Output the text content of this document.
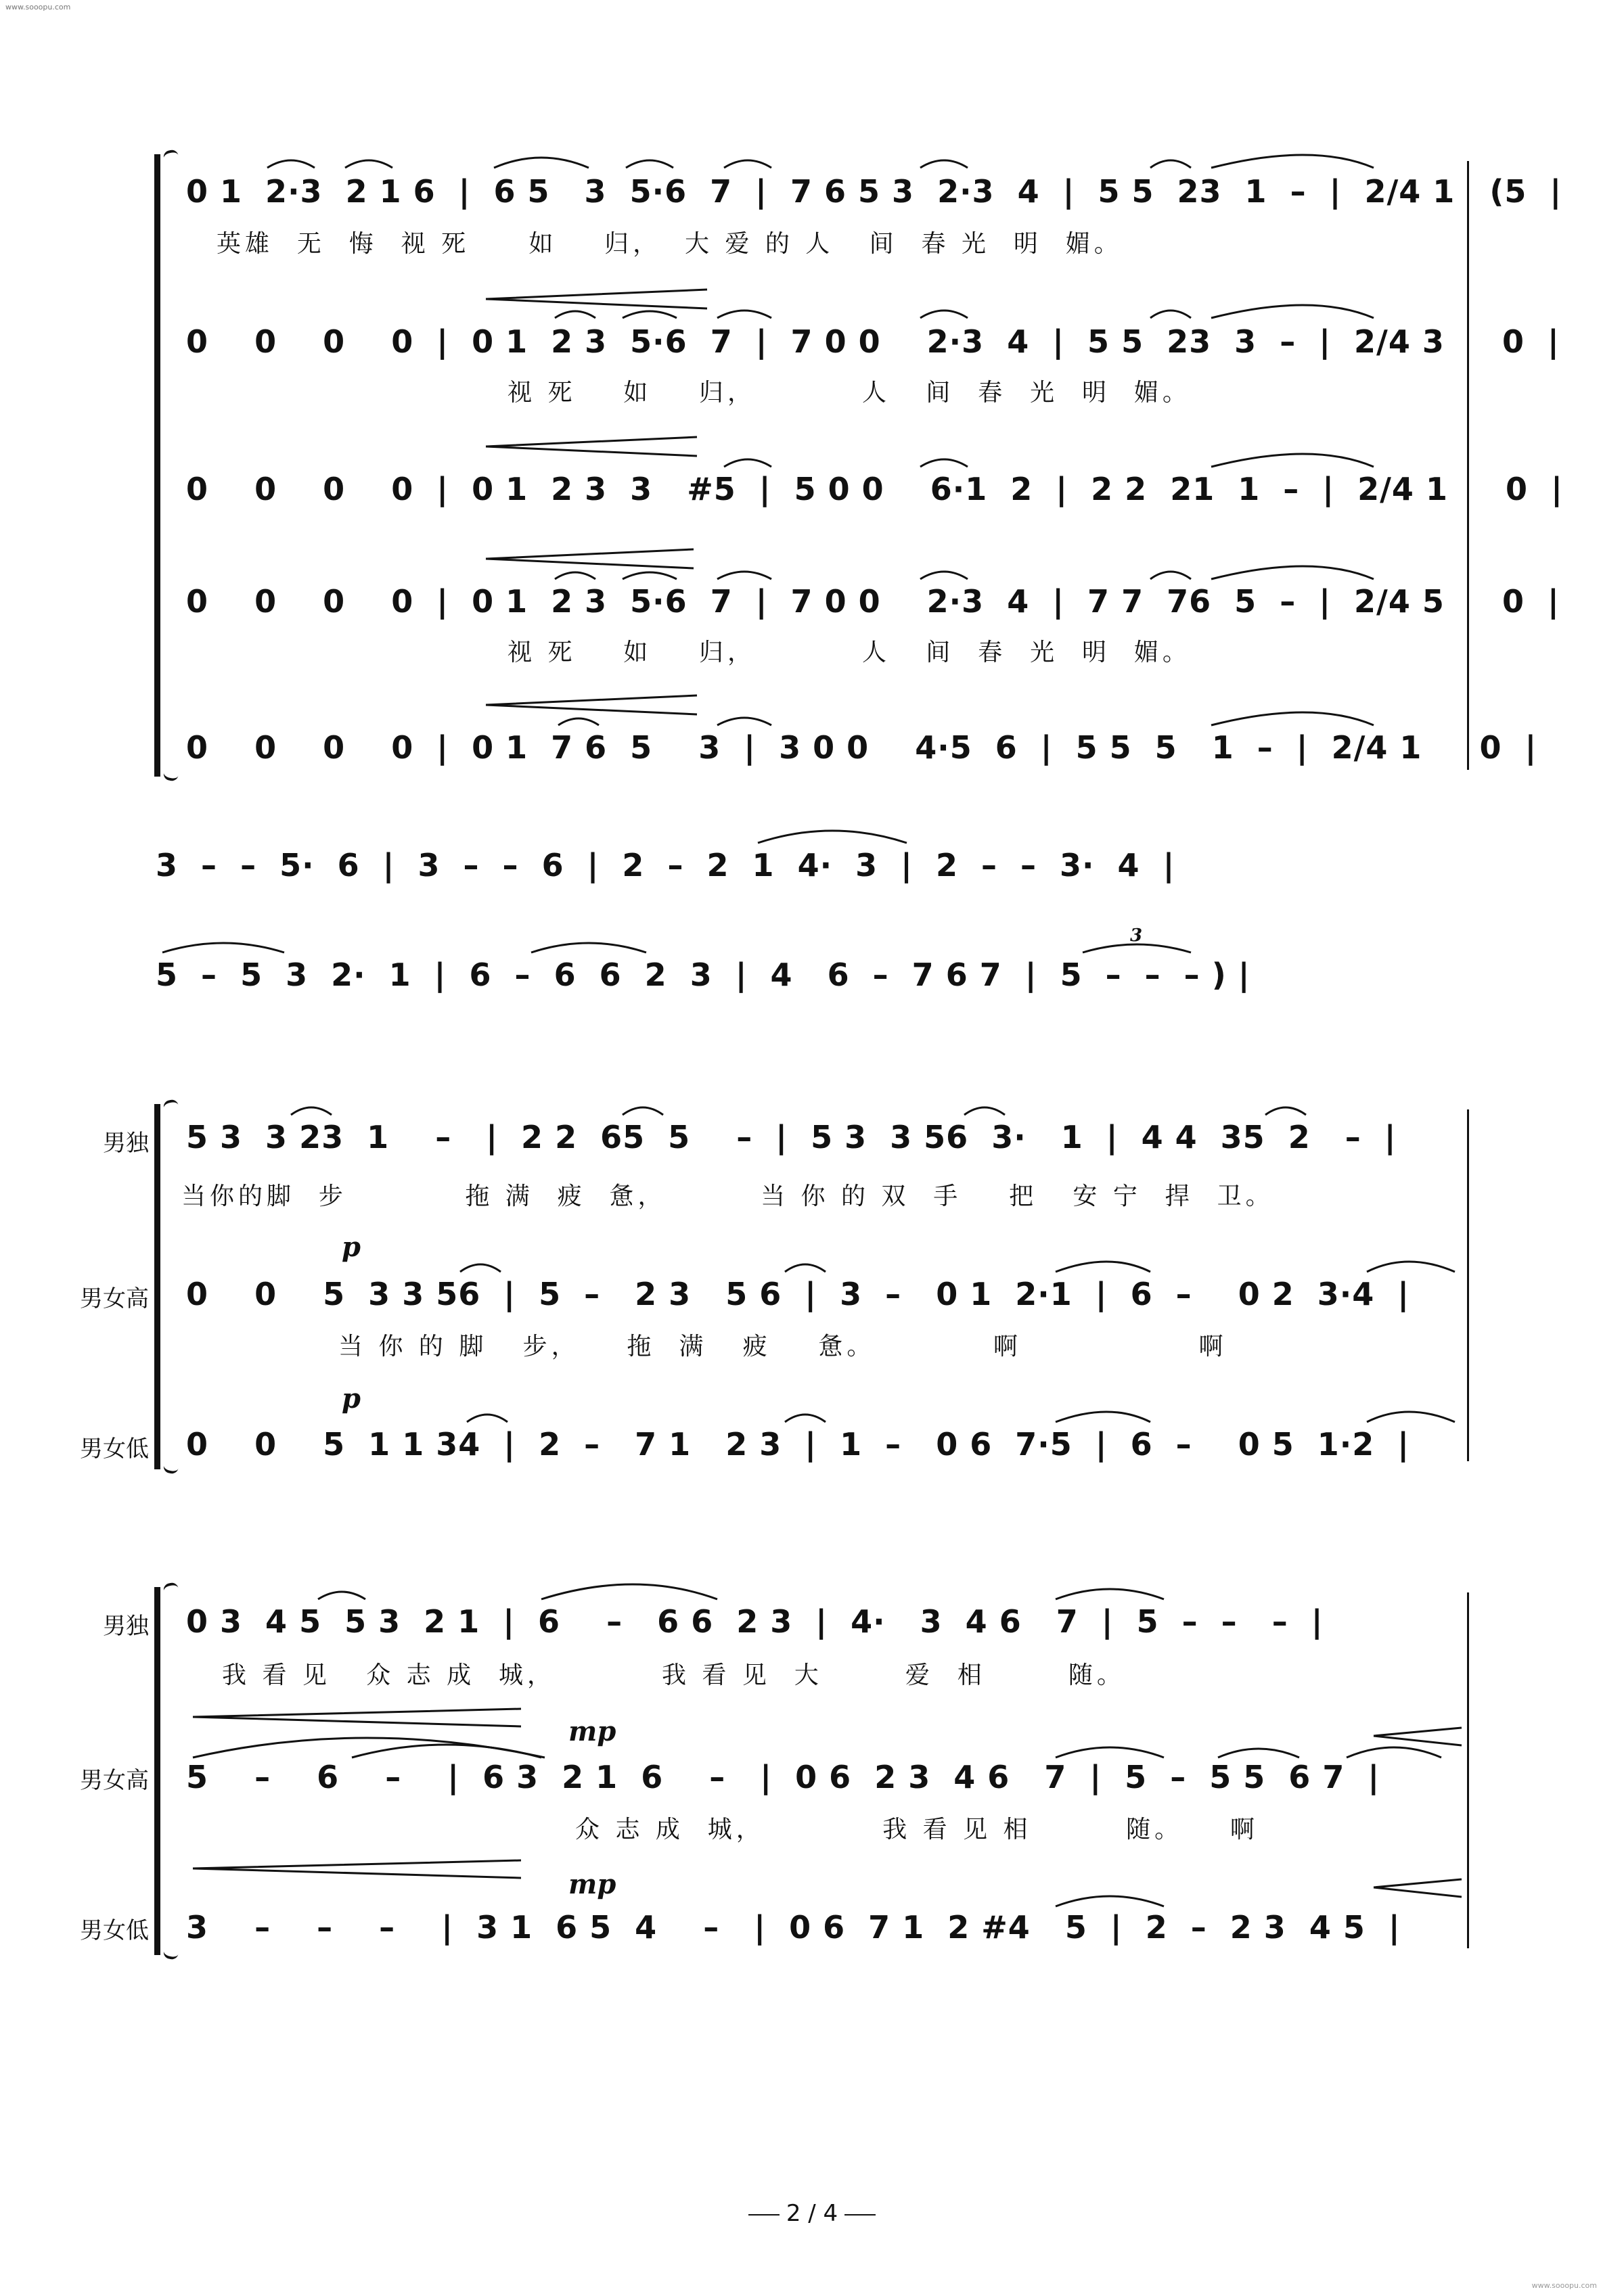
www.sooopu.com
0 1  2·3  2 1 6  |  6 5   3  5·6  7  |  7 6 5 3  2·3  4  |  5 5  23  1  –  |  2/4 1   (5  |
英雄  无  悔  视 死     如    归，  大 爱 的 人   间  春 光  明  媚。
0    0    0    0  |  0 1  2 3  5·6  7  |  7 0 0    2·3  4  |  5 5  23  3  –  |  2/4 3     0  |
视 死    如    归，         人   间  春  光  明  媚。
0    0    0    0  |  0 1  2 3  3   #5  |  5 0 0    6·1  2  |  2 2  21  1  –  |  2/4 1     0  |
0    0    0    0  |  0 1  2 3  5·6  7  |  7 0 0    2·3  4  |  7 7  76  5  –  |  2/4 5     0  |
视 死    如    归，         人   间  春  光  明  媚。
0    0    0    0  |  0 1  7 6  5    3  |  3 0 0    4·5  6  |  5 5  5   1  –  |  2/4 1     0  |
3  –  –  5·  6  |  3  –  –  6  |  2  –  2  1  4·  3  |  2  –  –  3·  4  |
5  –  5  3  2·  1  |  6  –  6  6  2  3  |  4   6  –  7 6 7  |  5  –  –  – ) |
3
男独
男女高
男女低
5 3  3 23  1    –   |  2 2  65  5    –  |  5 3  3 56  3·   1  |  4 4  35  2   –  |
当你的脚  步          拖 满  疲  惫，        当 你 的 双  手    把   安 宁  捍  卫。
p
0    0    5  3 3 56  |  5  –   2 3   5 6  |  3  –   0 1  2·1  |  6  –    0 2  3·4  |
当 你 的 脚   步，    拖  满   疲    惫。          啊               啊
p
0    0    5  1 1 34  |  2  –   7 1   2 3  |  1  –   0 6  7·5  |  6  –    0 5  1·2  |
男独
男女高
男女低
0 3  4 5  5 3  2 1  |  6    –   6 6  2 3  |  4·   3  4 6   7  |  5  –  –   –  |
我 看 见   众 志 成  城，         我 看 见  大       爱  相       随。
mp
5    –    6    –    |  6 3  2 1  6    –   |  0 6  2 3  4 6   7  |  5  –  5 5  6 7  |
众 志 成  城，          我 看 见 相        随。    啊
mp
3    –    –    –    |  3 1  6 5  4    –   |  0 6  7 1  2 #4   5  |  2  –  2 3  4 5  |
2 / 4
www.sooopu.com
